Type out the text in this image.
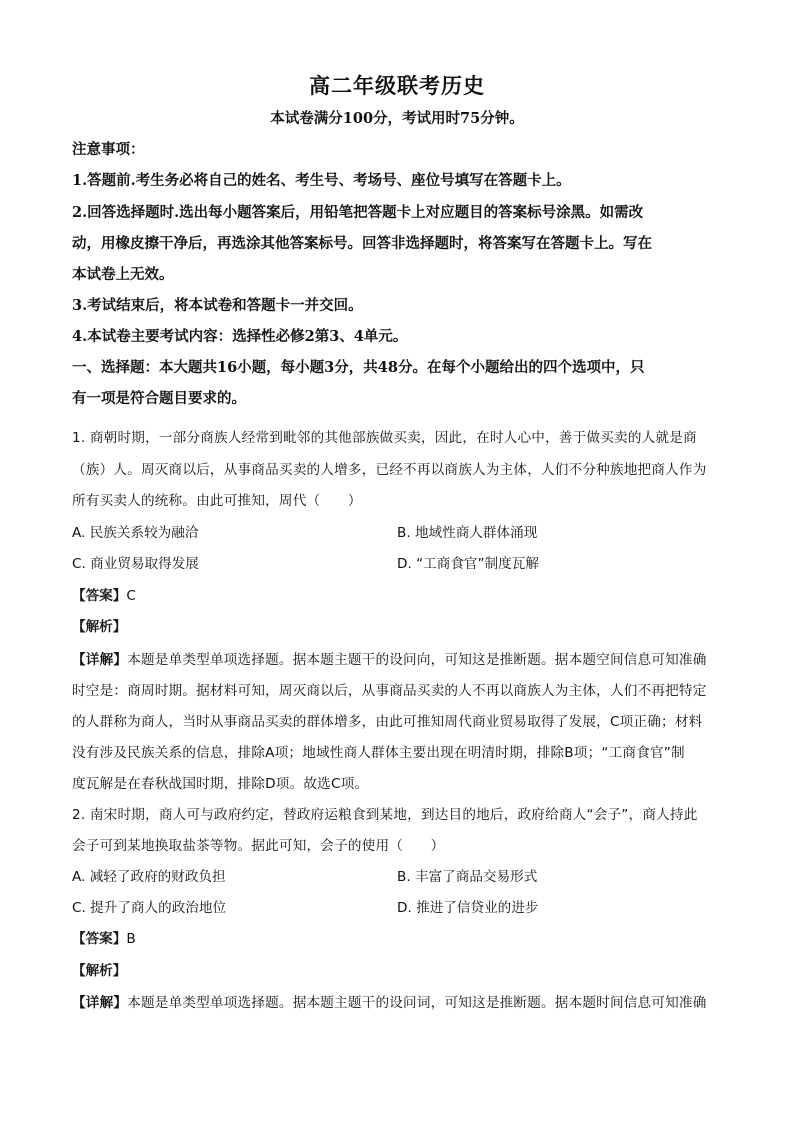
高二年级联考历史
本试卷满分100分，考试用时75分钟。
注意事项：
1.答题前.考生务必将自己的姓名、考生号、考场号、座位号填写在答题卡上。
2.回答选择题时.选出每小题答案后，用铅笔把答题卡上对应题目的答案标号涂黑。如需改
动，用橡皮擦干净后，再选涂其他答案标号。回答非选择题时，将答案写在答题卡上。写在
本试卷上无效。
3.考试结束后，将本试卷和答题卡一并交回。
4.本试卷主要考试内容：选择性必修2第3、4单元。
一、选择题：本大题共16小题，每小题3分，共48分。在每个小题给出的四个选项中，只
有一项是符合题目要求的。
1. 商朝时期，一部分商族人经常到毗邻的其他部族做买卖，因此，在时人心中，善于做买卖的人就是商
（族）人。周灭商以后，从事商品买卖的人增多，已经不再以商族人为主体，人们不分种族地把商人作为
所有买卖人的统称。由此可推知，周代（　　）
A. 民族关系较为融洽	B. 地域性商人群体涌现
C. 商业贸易取得发展	D. “工商食官”制度瓦解
【答案】C
【解析】
【详解】本题是单类型单项选择题。据本题主题干的设问向，可知这是推断题。据本题空间信息可知准确
时空是：商周时期。据材料可知，周灭商以后，从事商品买卖的人不再以商族人为主体，人们不再把特定
的人群称为商人，当时从事商品买卖的群体增多，由此可推知周代商业贸易取得了发展，C项正确；材料
没有涉及民族关系的信息，排除A项；地域性商人群体主要出现在明清时期，排除B项；“工商食官”制
度瓦解是在春秋战国时期，排除D项。故选C项。
2. 南宋时期，商人可与政府约定，替政府运粮食到某地，到达目的地后，政府给商人“会子”，商人持此
会子可到某地换取盐茶等物。据此可知，会子的使用（　　）
A. 减轻了政府的财政负担	B. 丰富了商品交易形式
C. 提升了商人的政治地位	D. 推进了信贷业的进步
【答案】B
【解析】
【详解】本题是单类型单项选择题。据本题主题干的设问词，可知这是推断题。据本题时间信息可知准确
